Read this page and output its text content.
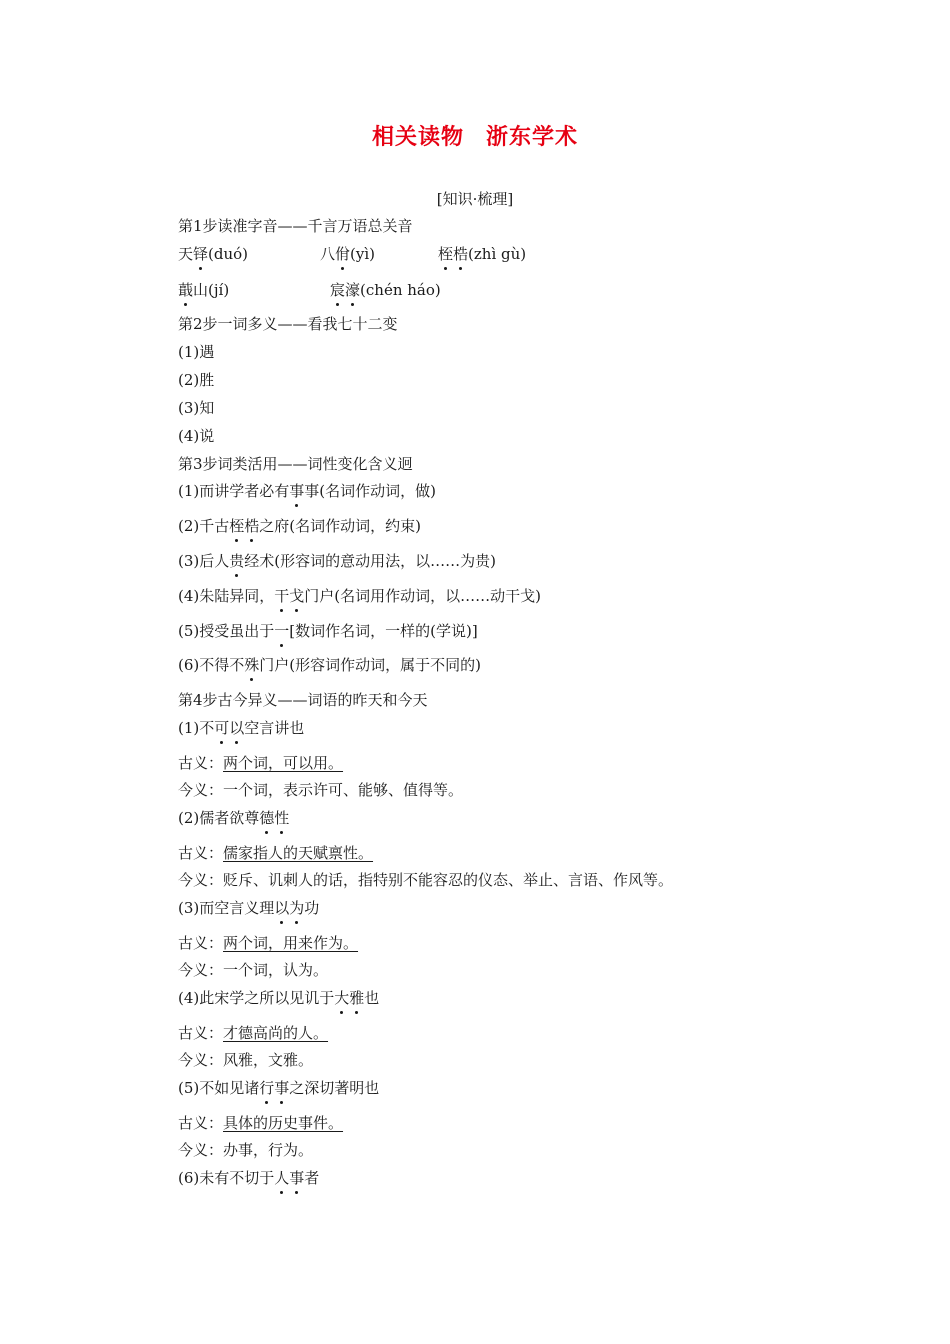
相关读物 浙东学术
[知识·梳理]
第1步读准字音——千言万语总关音
天铎(duó)	八佾(yì)	桎梏(zhì gù)
蕺山(jí)	宸濠(chén háo)
第2步一词多义——看我七十二变
(1)遇
(2)胜
(3)知
(4)说
第3步词类活用——词性变化含义迥
(1)而讲学者必有事事(名词作动词，做)
(2)千古桎梏之府(名词作动词，约束)
(3)后人贵经术(形容词的意动用法，以……为贵)
(4)朱陆异同，干戈门户(名词用作动词，以……动干戈)
(5)授受虽出于一[数词作名词，一样的(学说)]
(6)不得不殊门户(形容词作动词，属于不同的)
第4步古今异义——词语的昨天和今天
(1)不可以空言讲也
古义：两个词，可以用。
今义：一个词，表示许可、能够、值得等。
(2)儒者欲尊德性
古义：儒家指人的天赋禀性。
今义：贬斥、讥刺人的话，指特别不能容忍的仪态、举止、言语、作风等。
(3)而空言义理以为功
古义：两个词，用来作为。
今义：一个词，认为。
(4)此宋学之所以见讥于大雅也
古义：才德高尚的人。
今义：风雅，文雅。
(5)不如见诸行事之深切著明也
古义：具体的历史事件。
今义：办事，行为。
(6)未有不切于人事者
